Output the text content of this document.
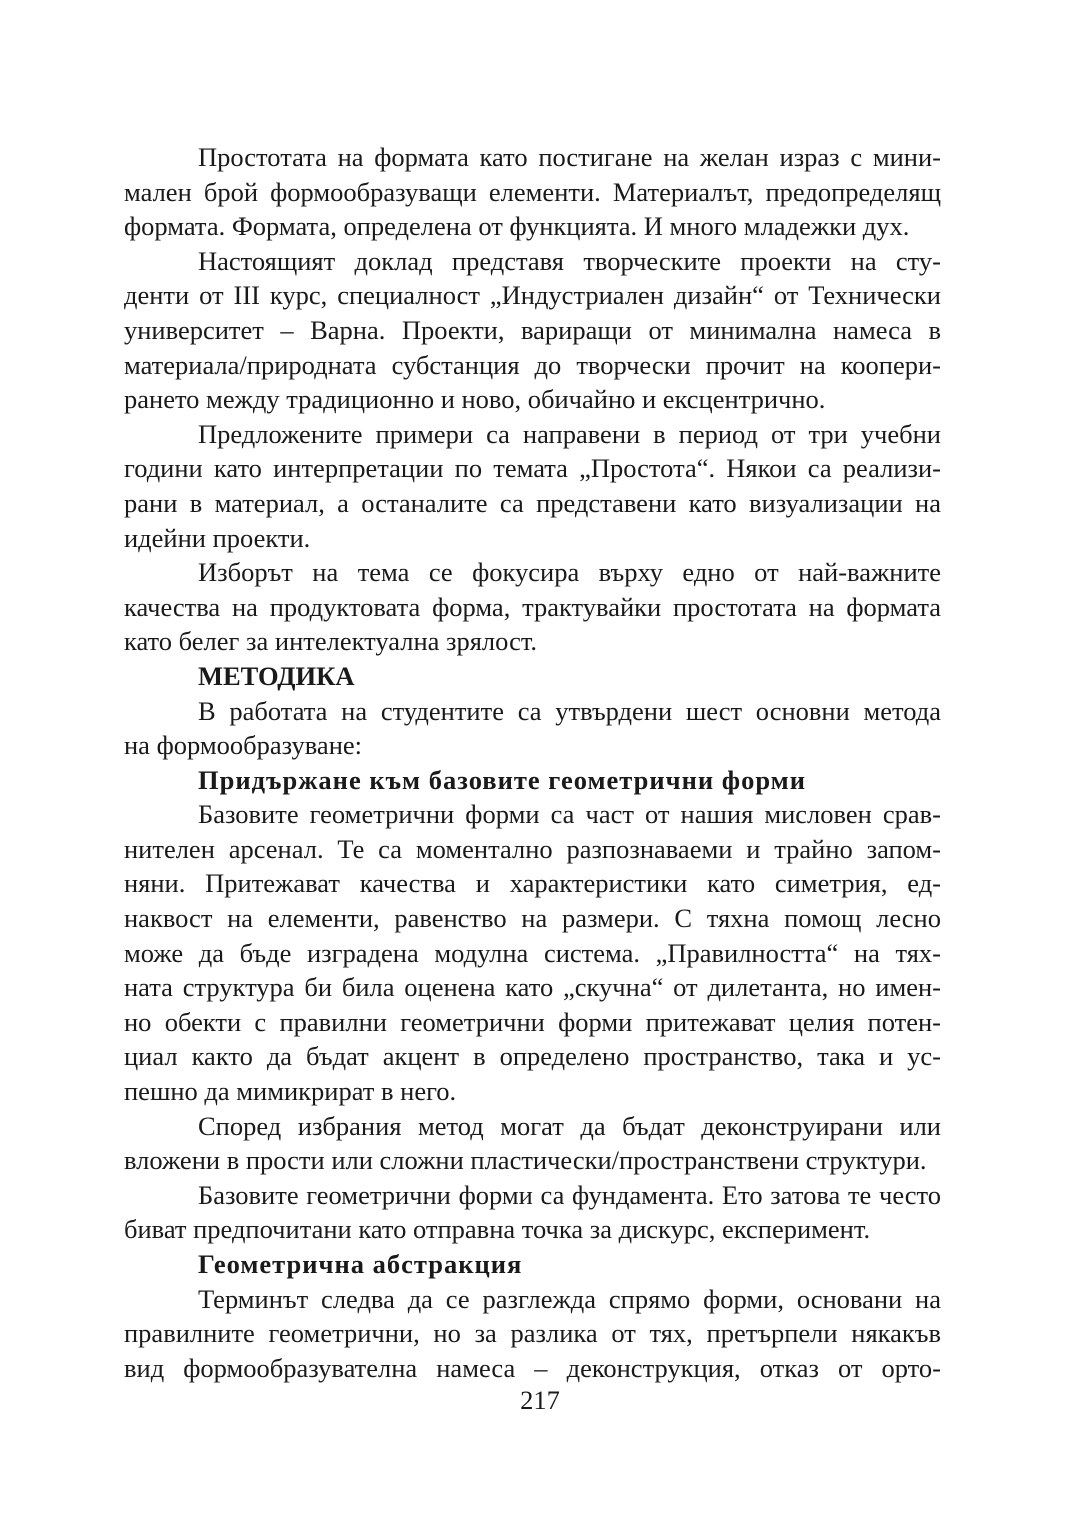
Простотата на формата като постигане на желан израз с мини-
мален брой формообразуващи елементи. Материалът, предопределящ
формата. Формата, определена от функцията. И много младежки дух.
Настоящият доклад представя творческите проекти на сту-
денти от III курс, специалност „Индустриален дизайн“ от Технически
университет – Варна. Проекти, вариращи от минимална намеса в
материала/природната субстанция до творчески прочит на коопери-
рането между традиционно и ново, обичайно и ексцентрично.
Предложените примери са направени в период от три учебни
години като интерпретации по темата „Простота“. Някои са реализи-
рани в материал, а останалите са представени като визуализации на
идейни проекти.
Изборът на тема се фокусира върху едно от най-важните
качества на продуктовата форма, трактувайки простотата на формата
като белег за интелектуална зрялост.
МЕТОДИКА
В работата на студентите са утвърдени шест основни метода
на формообразуване:
Придържане към базовите геометрични форми
Базовите геометрични форми са част от нашия мисловен срав-
нителен арсенал. Те са моментално разпознаваеми и трайно запом-
няни. Притежават качества и характеристики като симетрия, ед-
наквост на елементи, равенство на размери. С тяхна помощ лесно
може да бъде изградена модулна система. „Правилността“ на тях-
ната структура би била оценена като „скучна“ от дилетанта, но имен-
но обекти с правилни геометрични форми притежават целия потен-
циал както да бъдат акцент в определено пространство, така и ус-
пешно да мимикрират в него.
Според избрания метод могат да бъдат деконструирани или
вложени в прости или сложни пластически/пространствени структури.
Базовите геометрични форми са фундамента. Ето затова те често
биват предпочитани като отправна точка за дискурс, експеримент.
Геометрична абстракция
Терминът следва да се разглежда спрямо форми, основани на
правилните геометрични, но за разлика от тях, претърпели някакъв
вид формообразувателна намеса – деконструкция, отказ от орто-
217
